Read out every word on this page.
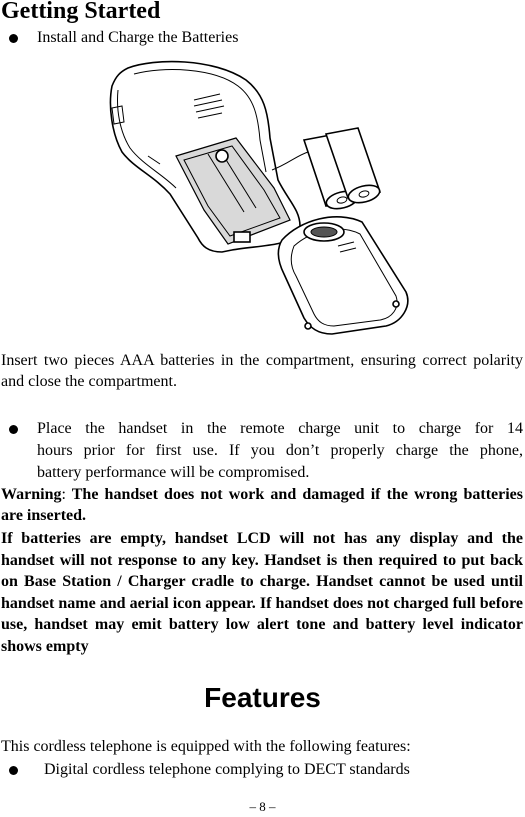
Getting Started
Install and Charge the Batteries

Insert two pieces AAA batteries in the compartment, ensuring correct polarity and close the compartment.

Place the handset in the remote charge unit to charge for 14
hours prior for first use. If you don’t properly charge the phone,
battery performance will be compromised.

Warning: The handset does not work and damaged if the wrong batteries are inserted.

If batteries are empty, handset LCD will not has any display and the handset will not response to any key. Handset is then required to put back on Base Station / Charger cradle to charge. Handset cannot be used until handset name and aerial icon appear. If handset does not charged full before use, handset may emit battery low alert tone and battery level indicator shows empty

Features
This cordless telephone is equipped with the following features:
Digital cordless telephone complying to DECT standards
– 8 –
